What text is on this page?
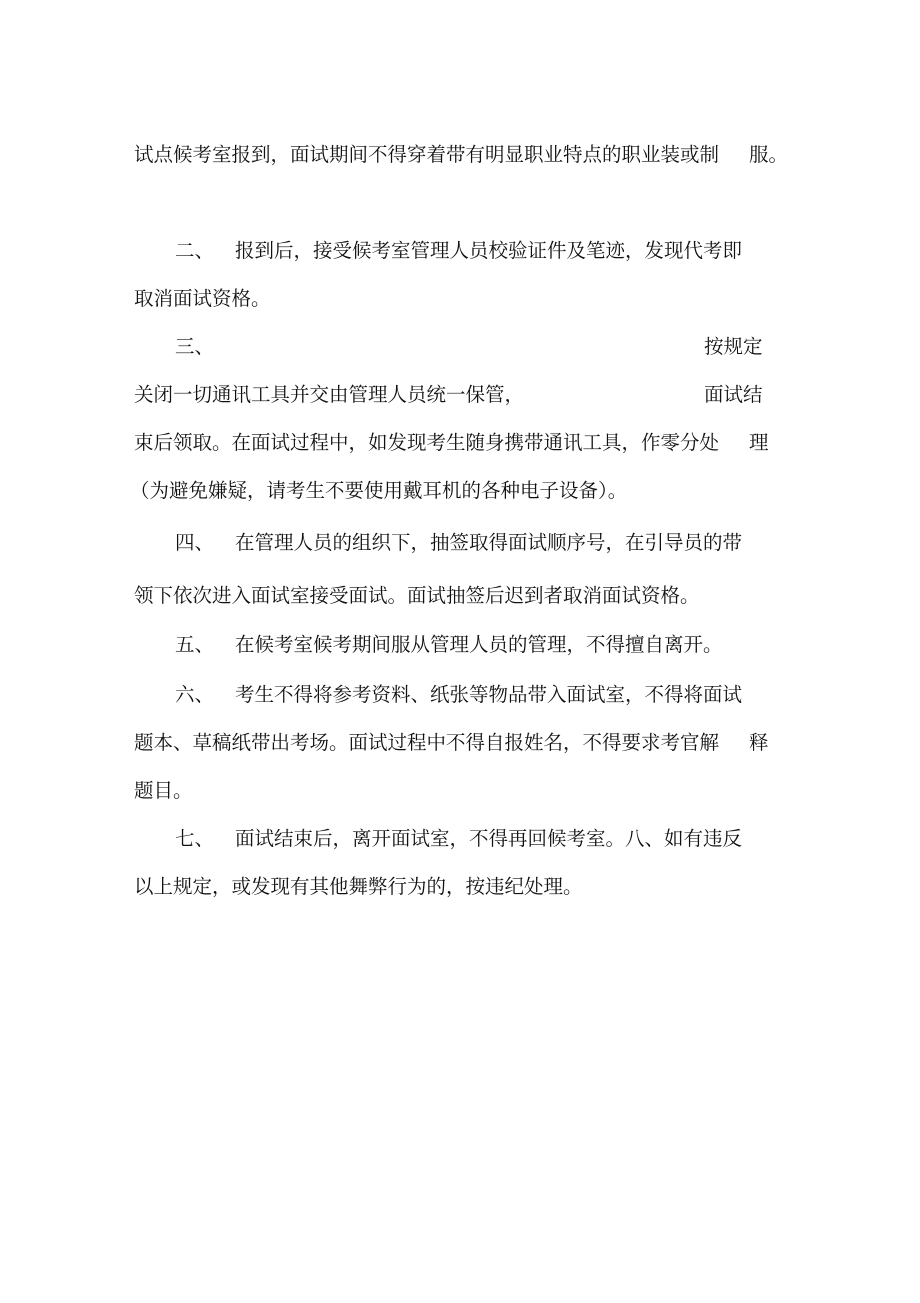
试点候考室报到，面试期间不得穿着带有明显职业特点的职业装或制 服。
二、 报到后，接受候考室管理人员校验证件及笔迹，发现代考即
取消面试资格。
三、	按规定
关闭一切通讯工具并交由管理人员统一保管，	面试结
束后领取。在面试过程中，如发现考生随身携带通讯工具，作零分处 理
（为避免嫌疑，请考生不要使用戴耳机的各种电子设备）。
四、 在管理人员的组织下，抽签取得面试顺序号，在引导员的带
领下依次进入面试室接受面试。面试抽签后迟到者取消面试资格。
五、 在候考室候考期间服从管理人员的管理，不得擅自离开。
六、 考生不得将参考资料、纸张等物品带入面试室，不得将面试
题本、草稿纸带出考场。面试过程中不得自报姓名，不得要求考官解 释
题目。
七、 面试结束后，离开面试室，不得再回候考室。八、如有违反
以上规定，或发现有其他舞弊行为的，按违纪处理。
